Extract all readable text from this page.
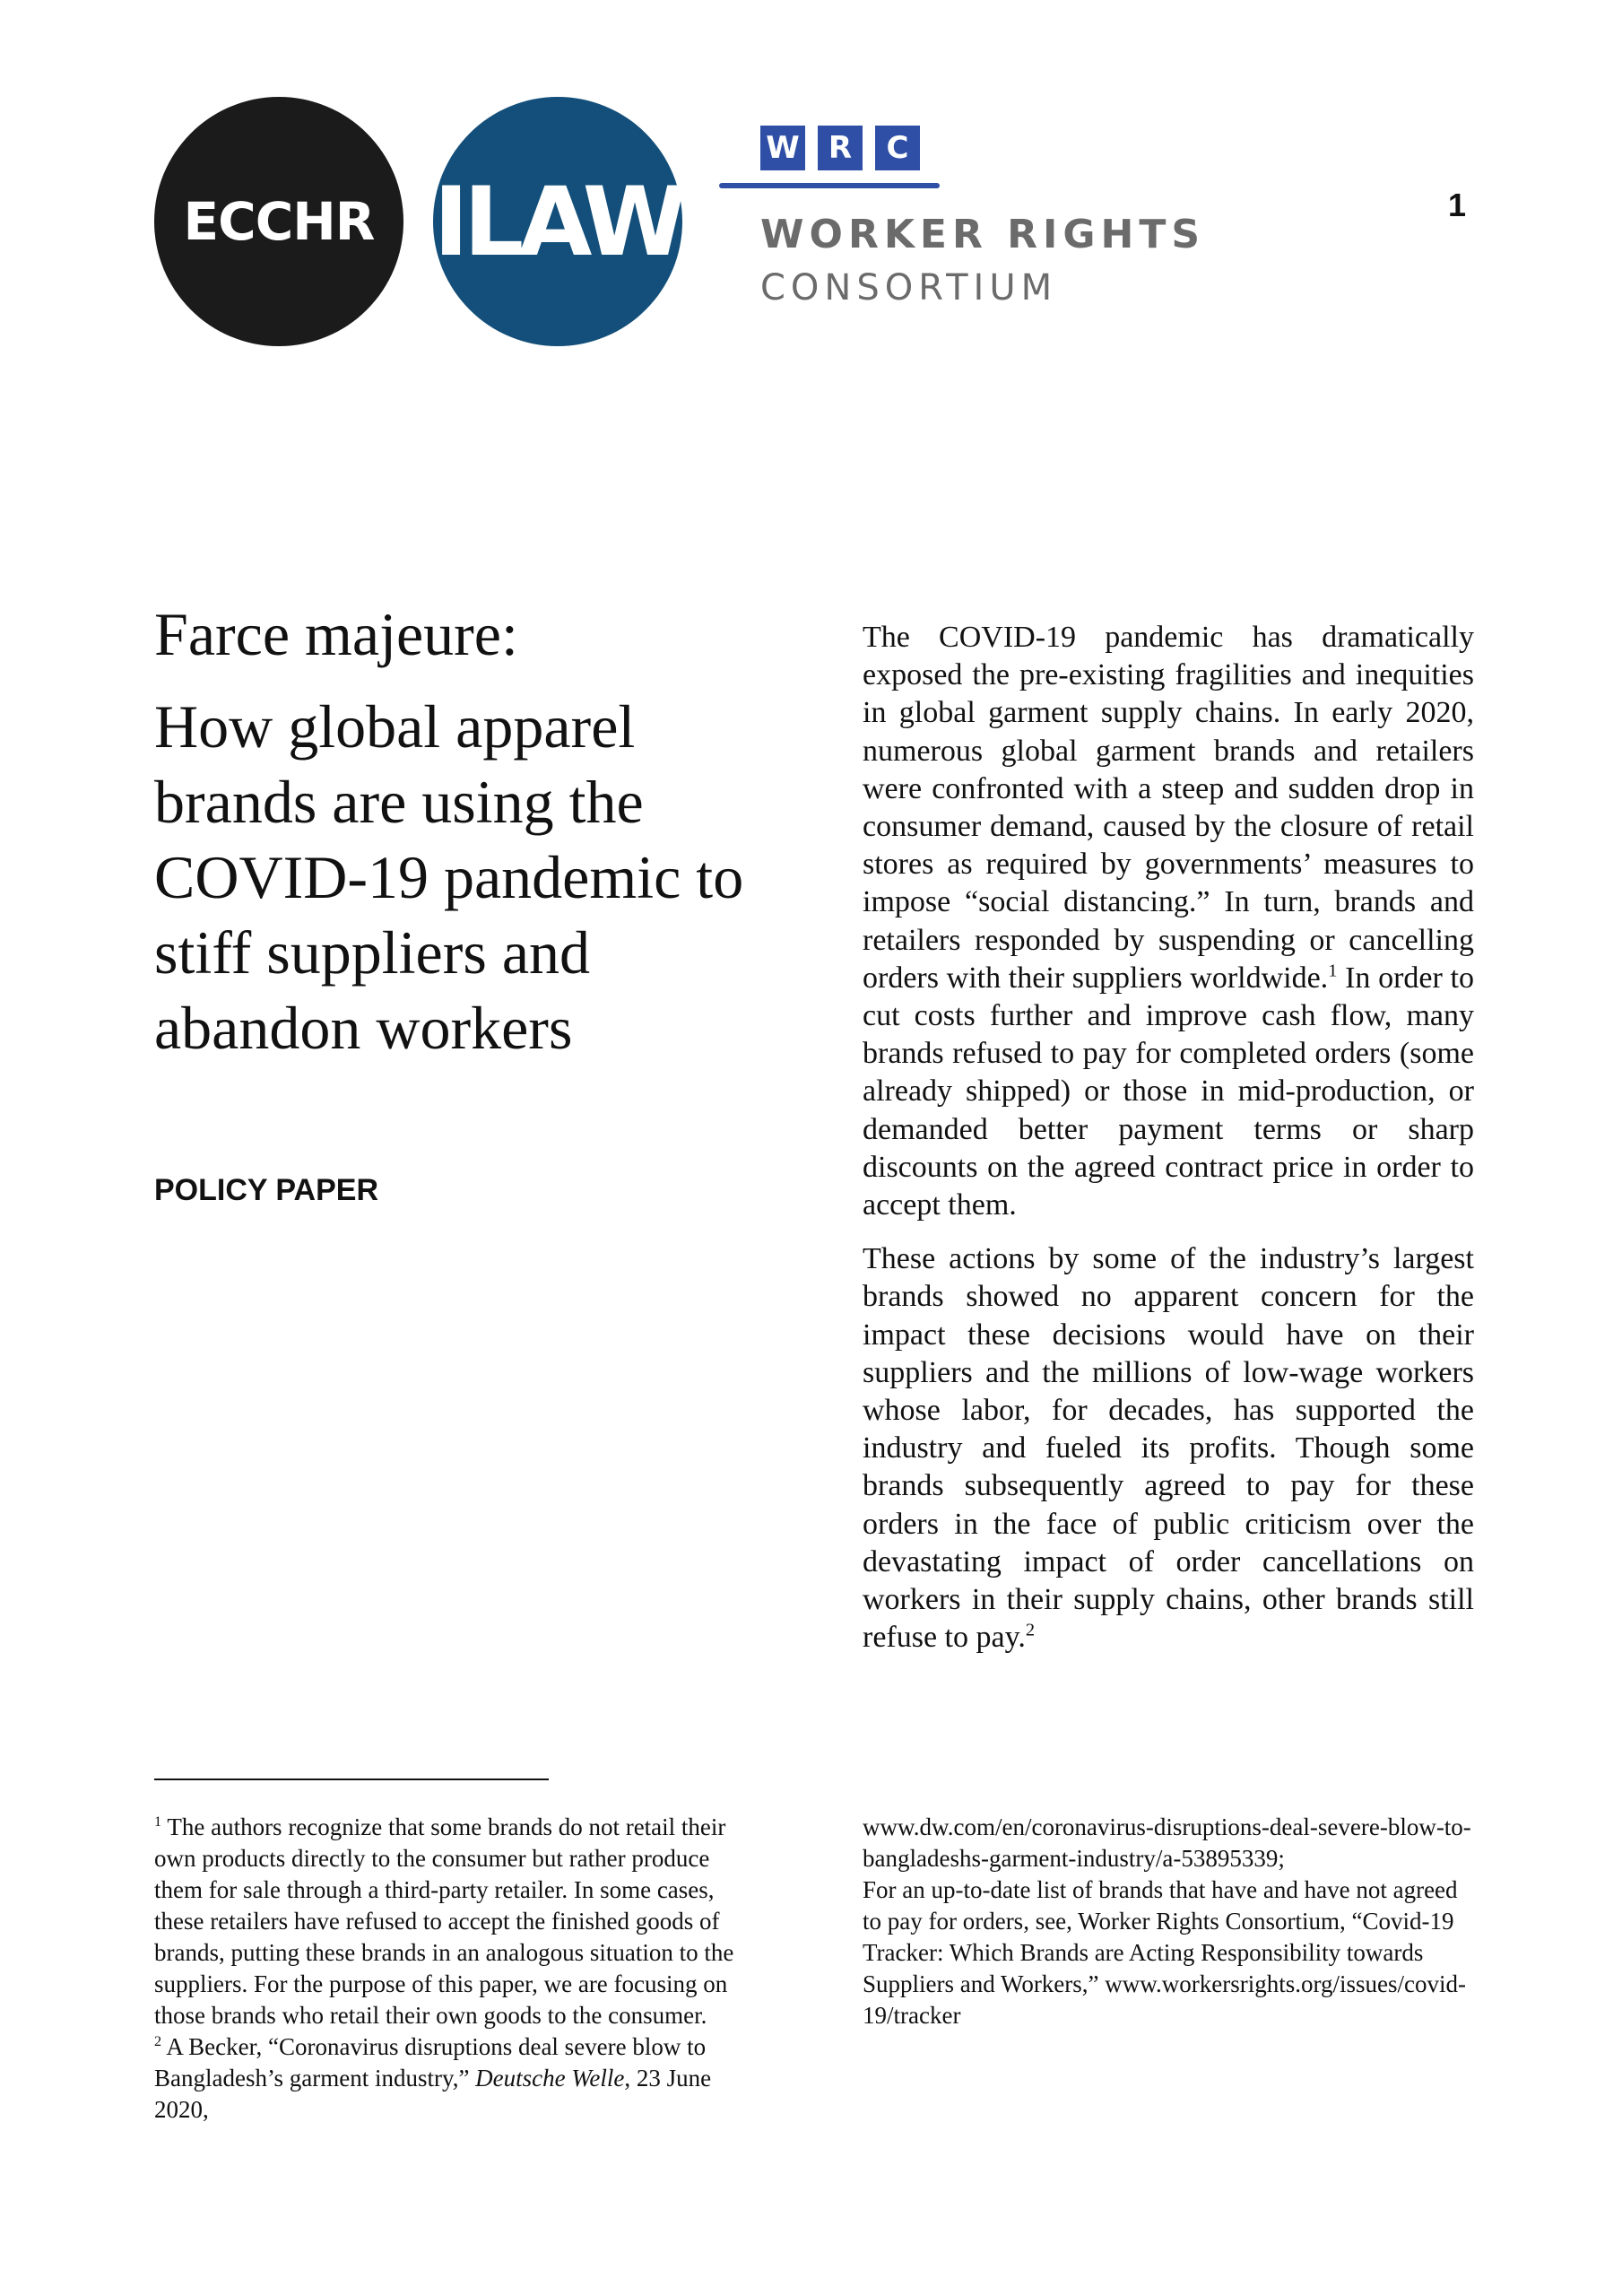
ECCHR ILAW
W R	C
WORKER RIGHTS
CONSORTIUM
1
Farce majeure:
How global apparel brands are using the COVID-19 pandemic to stiff suppliers and abandon workers
POLICY PAPER

The COVID-19 pandemic has dramatically exposed the pre-existing fragilities and inequities in global garment supply chains. In early 2020, numerous global garment brands and retailers were confronted with a steep and sudden drop in consumer demand, caused by the closure of retail stores as required by governments’ measures to impose “social distancing.” In turn, brands and retailers responded by suspending or cancelling orders with their suppliers worldwide.$^1$ In order to cut costs further and improve cash flow, many brands refused to pay for completed orders (some already shipped) or those in mid-production, or demanded better payment terms or sharp discounts on the agreed contract price in order to accept them.

These actions by some of the industry’s largest brands showed no apparent concern for the impact these decisions would have on their suppliers and the millions of low-wage workers whose labor, for decades, has supported the industry and fueled its profits. Though some brands subsequently agreed to pay for these orders in the face of public criticism over the devastating impact of order cancellations on workers in their supply chains, other brands still refuse to pay.$^2$

$^1$ The authors recognize that some brands do not retail their own products directly to the consumer but rather produce them for sale through a third-party retailer. In some cases, these retailers have refused to accept the finished goods of brands, putting these brands in an analogous situation to the suppliers. For the purpose of this paper, we are focusing on those brands who retail their own goods to the consumer.

$^2$ A Becker, “Coronavirus disruptions deal severe blow to Bangladesh’s garment industry,” Deutsche Welle, 23 June 2020,

www.dw.com/en/coronavirus-disruptions-deal-severe-blow-to-bangladeshs-garment-industry/a-53895339;

For an up-to-date list of brands that have and have not agreed to pay for orders, see, Worker Rights Consortium, “Covid-19 Tracker: Which Brands are Acting Responsibility towards Suppliers and Workers,” www.workersrights.org/issues/covid-19/tracker
